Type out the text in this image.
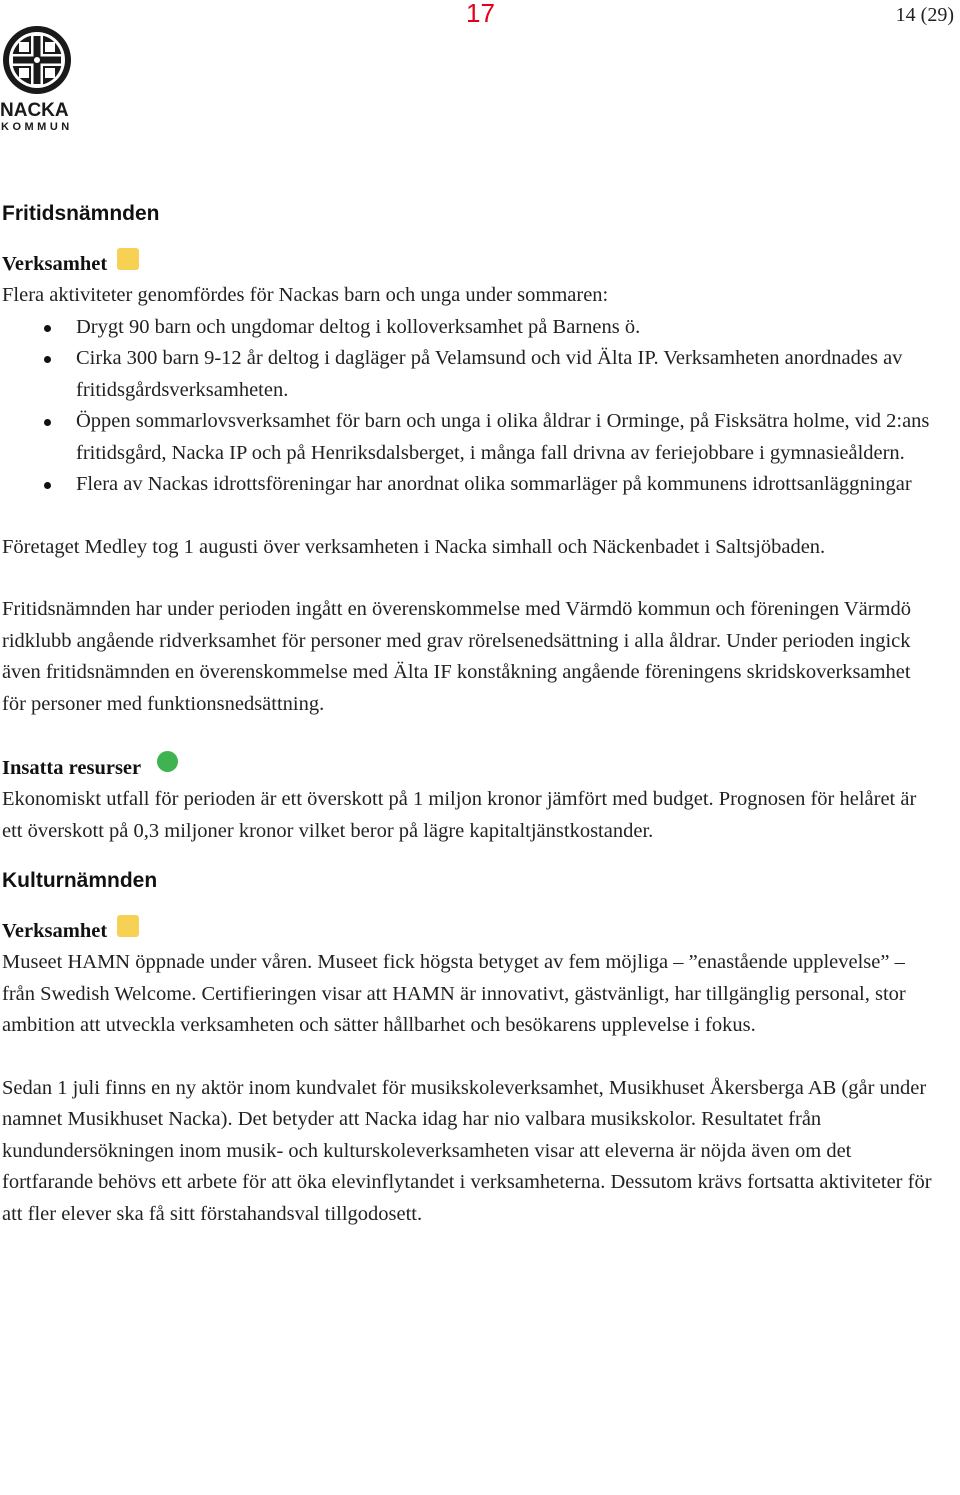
17	14 (29)
NACKA
KOMMUN
Fritidsnämnden
Verksamhet

Flera aktiviteter genomfördes för Nackas barn och unga under sommaren:

Drygt 90 barn och ungdomar deltog i kolloverksamhet på Barnens ö.
Cirka 300 barn 9-12 år deltog i dagläger på Velamsund och vid Älta IP. Verksamheten anordnades av fritidsgårdsverksamheten.
Öppen sommarlovsverksamhet för barn och unga i olika åldrar i Orminge, på Fisksätra holme, vid 2:ans fritidsgård, Nacka IP och på Henriksdalsberget, i många fall drivna av feriejobbare i gymnasieåldern.
Flera av Nackas idrottsföreningar har anordnat olika sommarläger på kommunens idrottsanläggningar

Företaget Medley tog 1 augusti över verksamheten i Nacka simhall och Näckenbadet i Saltsjöbaden.

Fritidsnämnden har under perioden ingått en överenskommelse med Värmdö kommun och föreningen Värmdö ridklubb angående ridverksamhet för personer med grav rörelsenedsättning i alla åldrar. Under perioden ingick även fritidsnämnden en överenskommelse med Älta IF konståkning angående föreningens skridskoverksamhet för personer med funktionsnedsättning.

Insatta resurser

Ekonomiskt utfall för perioden är ett överskott på 1 miljon kronor jämfört med budget. Prognosen för helåret är ett överskott på 0,3 miljoner kronor vilket beror på lägre kapitaltjänstkostander.

Kulturnämnden
Verksamhet

Museet HAMN öppnade under våren. Museet fick högsta betyget av fem möjliga – ”enastående upplevelse” – från Swedish Welcome. Certifieringen visar att HAMN är innovativt, gästvänligt, har tillgänglig personal, stor ambition att utveckla verksamheten och sätter hållbarhet och besökarens upplevelse i fokus.

Sedan 1 juli finns en ny aktör inom kundvalet för musikskoleverksamhet, Musikhuset Åkersberga AB (går under namnet Musikhuset Nacka). Det betyder att Nacka idag har nio valbara musikskolor. Resultatet från kundundersökningen inom musik- och kulturskoleverksamheten visar att eleverna är nöjda även om det fortfarande behövs ett arbete för att öka elevinflytandet i verksamheterna. Dessutom krävs fortsatta aktiviteter för att fler elever ska få sitt förstahandsval tillgodosett.
